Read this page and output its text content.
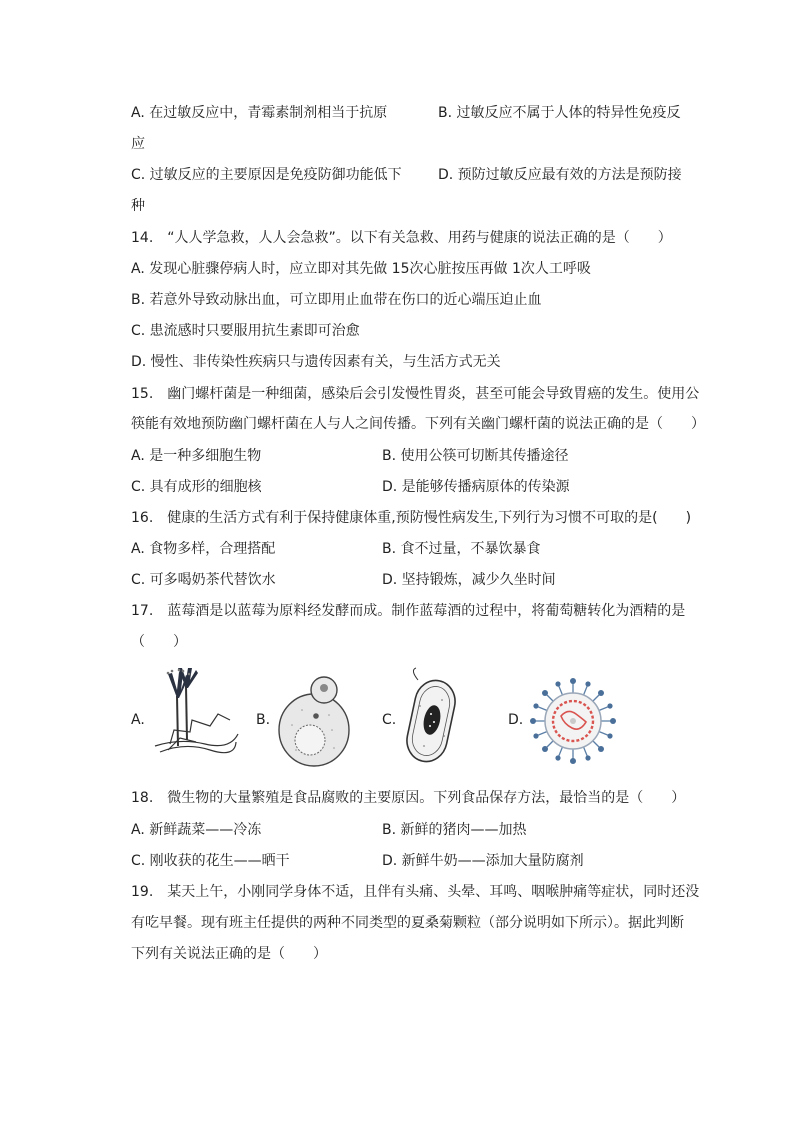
A. 在过敏反应中，青霉素制剂相当于抗原	B. 过敏反应不属于人体的特异性免疫反
应
C. 过敏反应的主要原因是免疫防御功能低下	D. 预防过敏反应最有效的方法是预防接
种
14.　“人人学急救，人人会急救”。以下有关急救、用药与健康的说法正确的是（　　）
A. 发现心脏骤停病人时，应立即对其先做 15次心脏按压再做 1次人工呼吸
B. 若意外导致动脉出血，可立即用止血带在伤口的近心端压迫止血
C. 患流感时只要服用抗生素即可治愈
D. 慢性、非传染性疾病只与遗传因素有关，与生活方式无关
15.　幽门螺杆菌是一种细菌，感染后会引发慢性胃炎，甚至可能会导致胃癌的发生。使用公
筷能有效地预防幽门螺杆菌在人与人之间传播。下列有关幽门螺杆菌的说法正确的是（　　）
A. 是一种多细胞生物	B. 使用公筷可切断其传播途径
C. 具有成形的细胞核	D. 是能够传播病原体的传染源
16.　健康的生活方式有利于保持健康体重,预防慢性病发生,下列行为习惯不可取的是(　　)
A. 食物多样，合理搭配	B. 食不过量，不暴饮暴食
C. 可多喝奶茶代替饮水	D. 坚持锻炼，减少久坐时间
17.　蓝莓酒是以蓝莓为原料经发酵而成。制作蓝莓酒的过程中，将葡萄糖转化为酒精的是
（　　）
A.	B.	C.	D.
18.　微生物的大量繁殖是食品腐败的主要原因。下列食品保存方法，最恰当的是（　　）
A. 新鲜蔬菜——冷冻	B. 新鲜的猪肉——加热
C. 刚收获的花生——晒干	D. 新鲜牛奶——添加大量防腐剂
19.　某天上午，小刚同学身体不适，且伴有头痛、头晕、耳鸣、咽喉肿痛等症状，同时还没
有吃早餐。现有班主任提供的两种不同类型的夏桑菊颗粒（部分说明如下所示）。据此判断
下列有关说法正确的是（　　）
